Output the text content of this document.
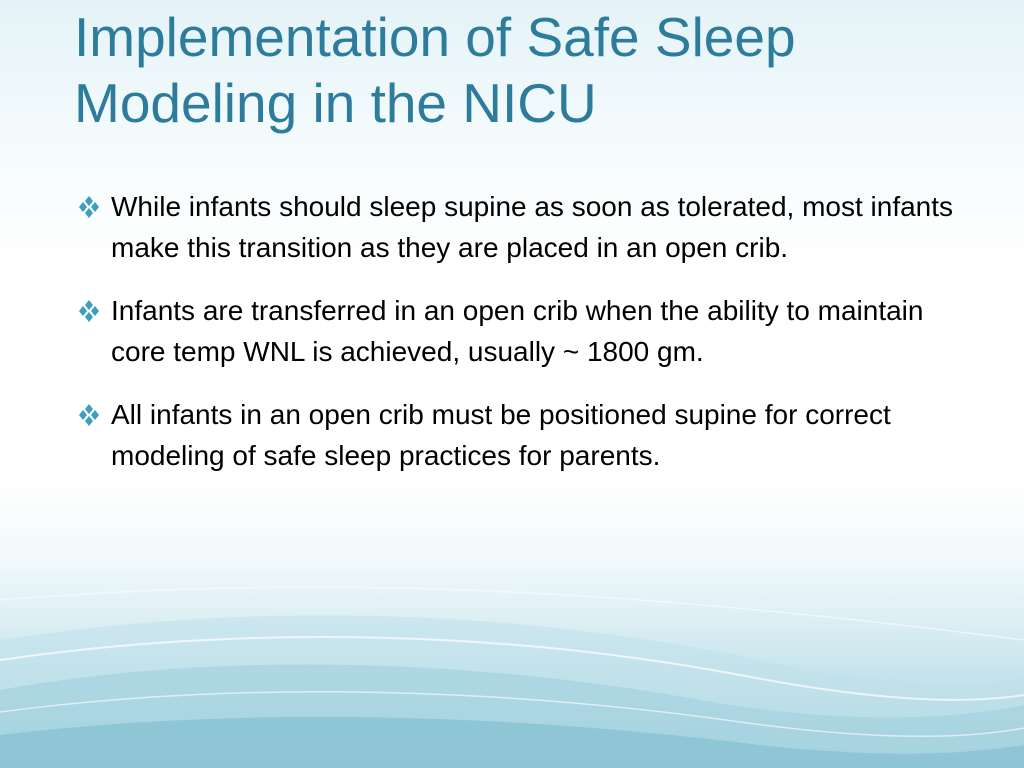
Implementation of Safe Sleep Modeling in the NICU
While infants should sleep supine as soon as tolerated, most infants make this transition as they are placed in an open crib.
Infants are transferred in an open crib when the ability to maintain core temp WNL is achieved, usually ~ 1800 gm.
All infants in an open crib must be positioned supine for correct modeling of safe sleep practices for parents.
